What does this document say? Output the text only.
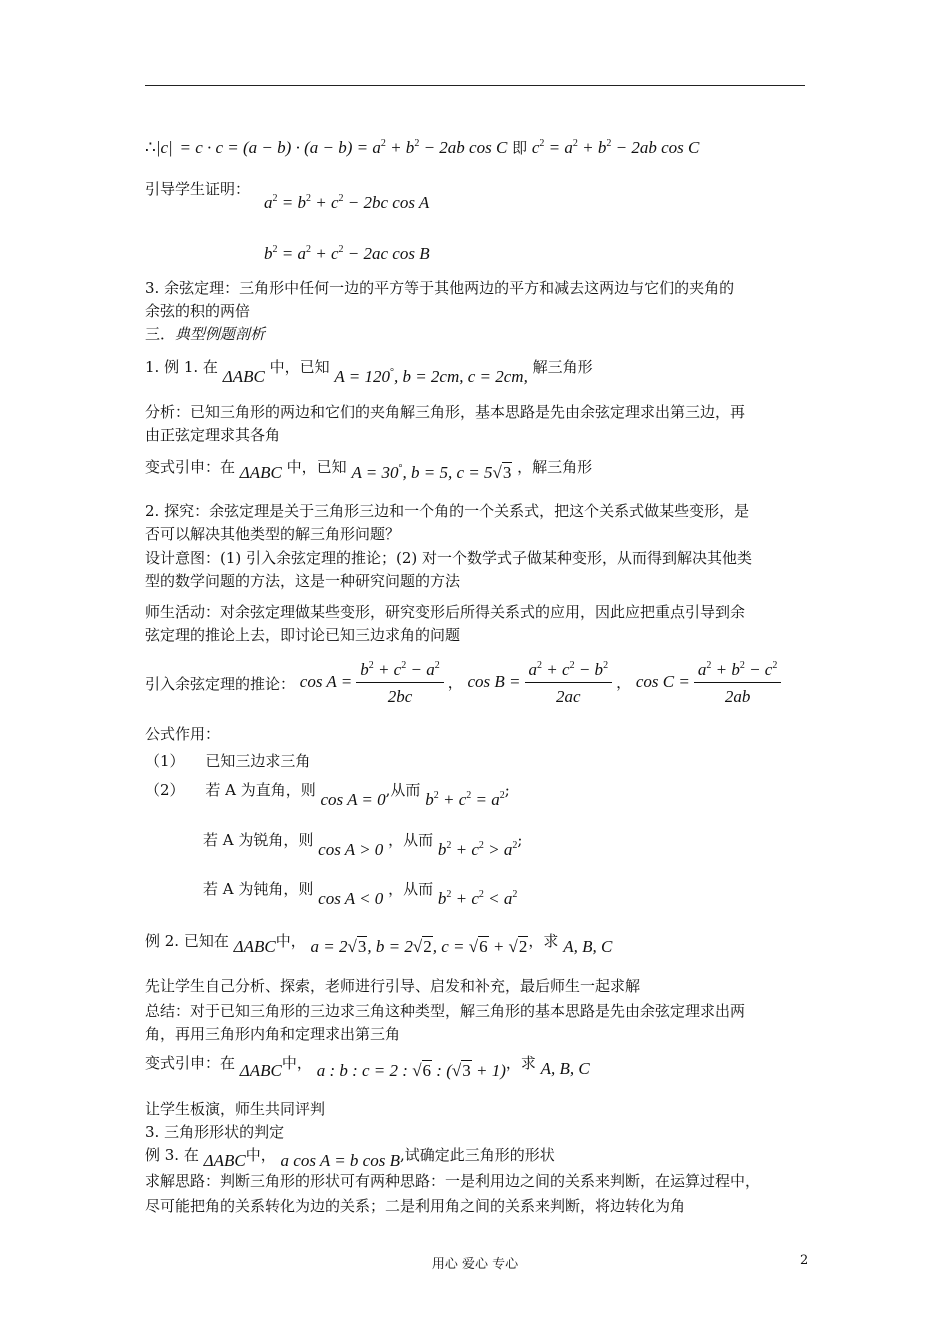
∴|c|  = $c \cdot c = (a - b) \cdot (a - b) = a^2 + b^2 - 2ab$ cos C 即 $c^2 = a^2 + b^2 - 2ab$ cos C
引导学生证明：
$a^2 = b^2 + c^2 - 2bc$ cos A
$b^2 = a^2 + c^2 - 2ac$ cos B
3. 余弦定理：三角形中任何一边的平方等于其他两边的平方和减去这两边与它们的夹角的
余弦的积的两倍
三．典型例题剖析
1. 例 1. 在 ΔABC 中，已知 A = 120°, b = 2cm, c = 2cm, 解三角形
分析：已知三角形的两边和它们的夹角解三角形，基本思路是先由余弦定理求出第三边，再
由正弦定理求其各角
变式引申：在 ΔABC 中，已知 A = 30°, b = 5, c = 5√3 ，解三角形
2. 探究：余弦定理是关于三角形三边和一个角的一个关系式，把这个关系式做某些变形，是
否可以解决其他类型的解三角形问题？
设计意图：(1) 引入余弦定理的推论；(2) 对一个数学式子做某种变形，从而得到解决其他类
型的数学问题的方法，这是一种研究问题的方法
师生活动：对余弦定理做某些变形，研究变形后所得关系式的应用，因此应把重点引导到余
弦定理的推论上去，即讨论已知三边求角的问题
引入余弦定理的推论： $\cos A = \frac{b^2 + c^2 - a^2}{2bc}$ ， $\cos B = \frac{a^2 + c^2 - b^2}{2ac}$ ， $\cos C = \frac{a^2 + b^2 - c^2}{2ab}$
公式作用：
（1） 已知三边求三角
（2） 若 A 为直角，则 cos A = 0,从而 $b^2 + c^2 = a^2$;
若 A 为锐角，则 cos A > 0 ，从而 $b^2 + c^2 > a^2$;
若 A 为钝角，则 cos A < 0 ，从而 $b^2 + c^2 < a^2$
例 2. 已知在 ΔABC中， a = 2√3, b = 2√2, c = √6 + √2，求 A, B, C
先让学生自己分析、探索，老师进行引导、启发和补充，最后师生一起求解
总结：对于已知三角形的三边求三角这种类型，解三角形的基本思路是先由余弦定理求出两
角，再用三角形内角和定理求出第三角
变式引申：在 ΔABC中， a : b : c = 2 : √6 : (√3 + 1)，求 A, B, C
让学生板演，师生共同评判
3. 三角形形状的判定
例 3. 在 ΔABC中， a cos A = b cos B,试确定此三角形的形状
求解思路：判断三角形的形状可有两种思路：一是利用边之间的关系来判断，在运算过程中，
尽可能把角的关系转化为边的关系；二是利用角之间的关系来判断，将边转化为角
用心 爱心 专心	2
